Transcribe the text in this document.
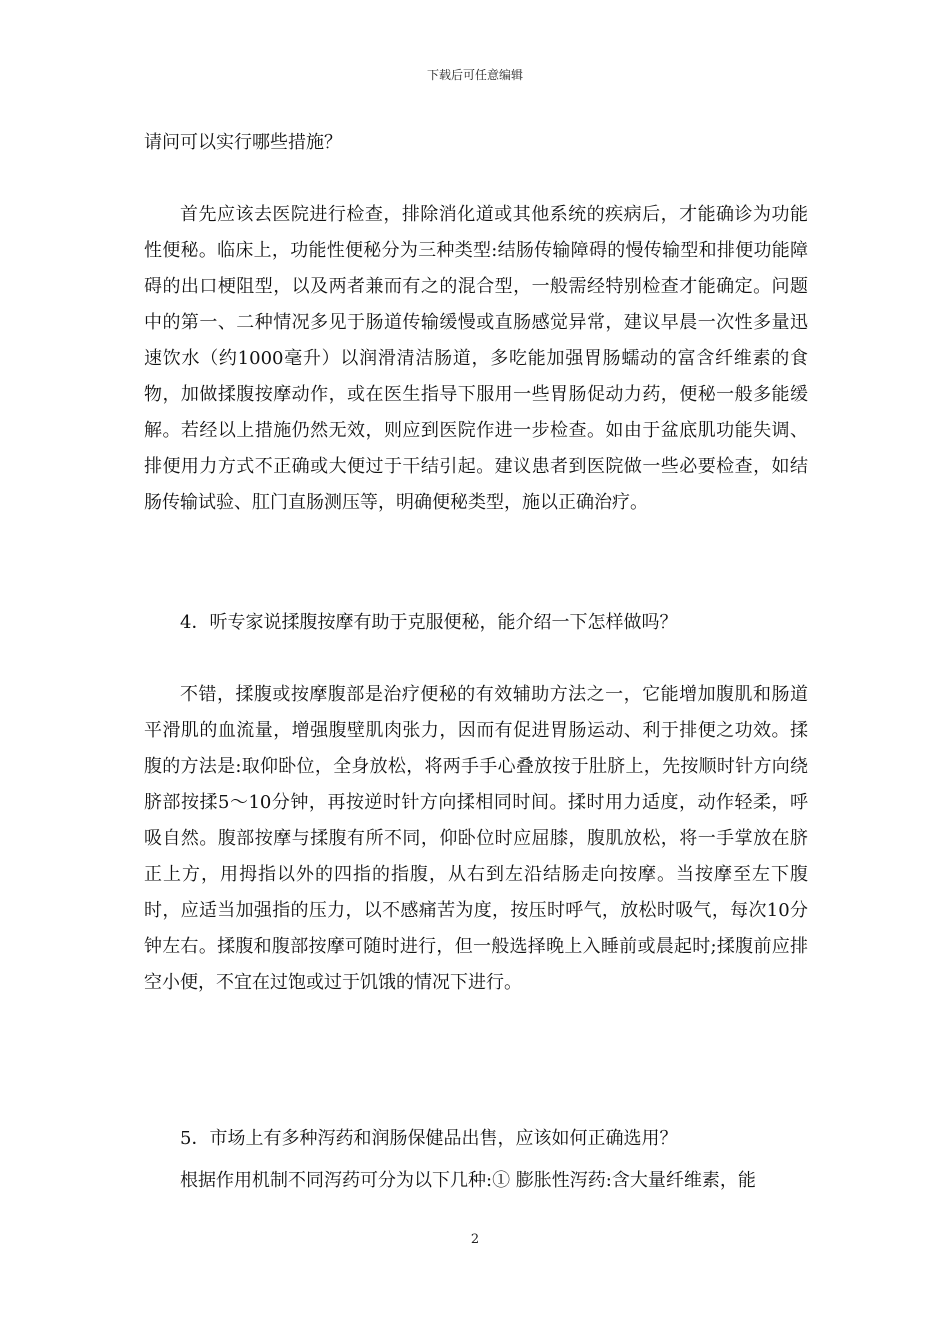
下载后可任意编辑

请问可以实行哪些措施？

首先应该去医院进行检查，排除消化道或其他系统的疾病后，才能确诊为功能性便秘。临床上，功能性便秘分为三种类型:结肠传输障碍的慢传输型和排便功能障碍的出口梗阻型，以及两者兼而有之的混合型，一般需经特别检查才能确定。问题中的第一、二种情况多见于肠道传输缓慢或直肠感觉异常，建议早晨一次性多量迅速饮水（约1000毫升）以润滑清洁肠道，多吃能加强胃肠蠕动的富含纤维素的食物，加做揉腹按摩动作，或在医生指导下服用一些胃肠促动力药，便秘一般多能缓解。若经以上措施仍然无效，则应到医院作进一步检查。如由于盆底肌功能失调、排便用力方式不正确或大便过于干结引起。建议患者到医院做一些必要检查，如结肠传输试验、肛门直肠测压等，明确便秘类型，施以正确治疗。

4．听专家说揉腹按摩有助于克服便秘，能介绍一下怎样做吗？

不错，揉腹或按摩腹部是治疗便秘的有效辅助方法之一，它能增加腹肌和肠道平滑肌的血流量，增强腹壁肌肉张力，因而有促进胃肠运动、利于排便之功效。揉腹的方法是:取仰卧位，全身放松，将两手手心叠放按于肚脐上，先按顺时针方向绕脐部按揉5～10分钟，再按逆时针方向揉相同时间。揉时用力适度，动作轻柔，呼吸自然。腹部按摩与揉腹有所不同，仰卧位时应屈膝，腹肌放松，将一手掌放在脐正上方，用拇指以外的四指的指腹，从右到左沿结肠走向按摩。当按摩至左下腹时，应适当加强指的压力，以不感痛苦为度，按压时呼气，放松时吸气，每次10分钟左右。揉腹和腹部按摩可随时进行，但一般选择晚上入睡前或晨起时;揉腹前应排空小便，不宜在过饱或过于饥饿的情况下进行。

5．市场上有多种泻药和润肠保健品出售，应该如何正确选用？

根据作用机制不同泻药可分为以下几种:① 膨胀性泻药:含大量纤维素，能

2
